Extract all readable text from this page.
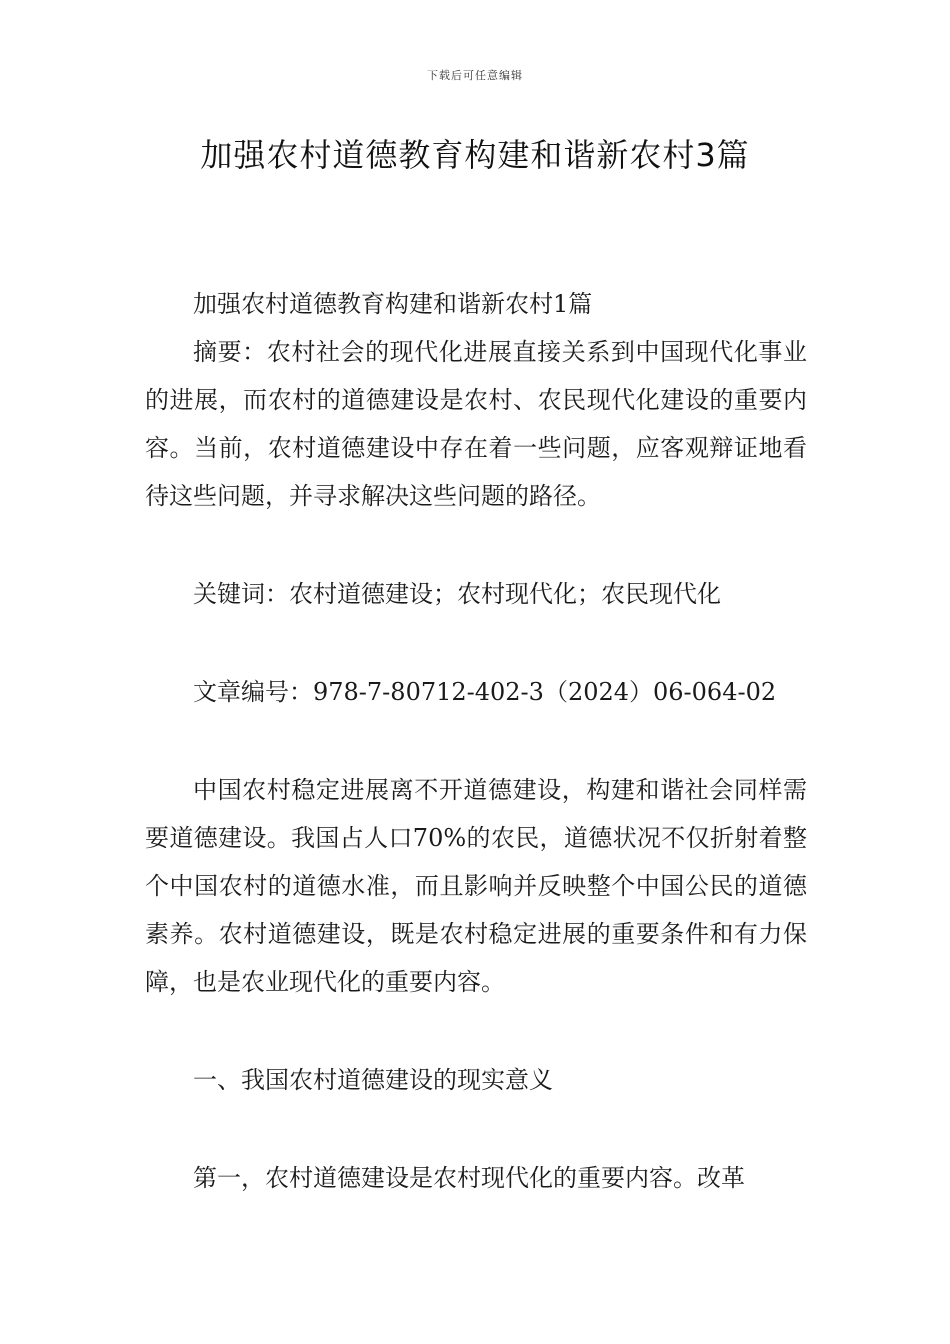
下载后可任意编辑
加强农村道德教育构建和谐新农村3篇

加强农村道德教育构建和谐新农村1篇

摘要：农村社会的现代化进展直接关系到中国现代化事业的进展，而农村的道德建设是农村、农民现代化建设的重要内容。当前，农村道德建设中存在着一些问题，应客观辩证地看待这些问题，并寻求解决这些问题的路径。

关键词：农村道德建设；农村现代化；农民现代化

文章编号：978-7-80712-402-3（2024）06-064-02

中国农村稳定进展离不开道德建设，构建和谐社会同样需要道德建设。我国占人口70%的农民，道德状况不仅折射着整个中国农村的道德水准，而且影响并反映整个中国公民的道德素养。农村道德建设，既是农村稳定进展的重要条件和有力保障，也是农业现代化的重要内容。

一、我国农村道德建设的现实意义

第一，农村道德建设是农村现代化的重要内容。改革
